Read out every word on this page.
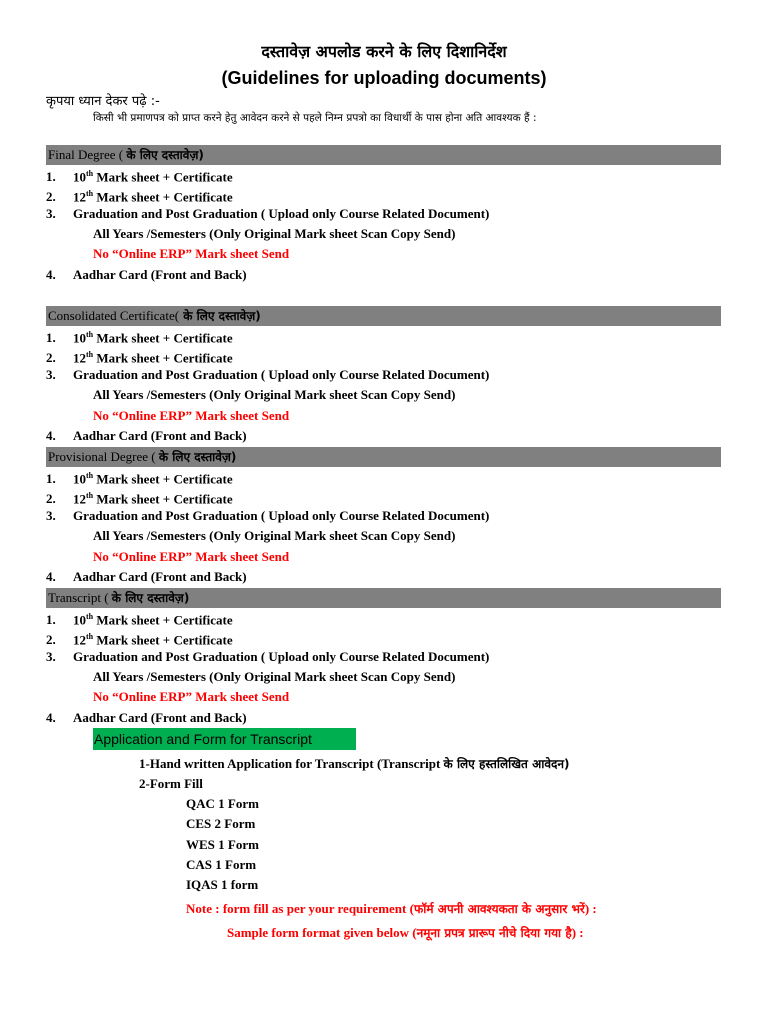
दस्तावेज़ अपलोड करने के लिए दिशानिर्देश
(Guidelines for uploading documents)
कृपया ध्यान देकर पढ़े :-
किसी भी प्रमाणपत्र को प्राप्त करने हेतु आवेदन करने से पहले निम्न प्रपत्रो का विधार्थी के पास होना अति आवश्यक हैं :
Final Degree ( के लिए दस्तावेज़)
1. 10th Mark sheet + Certificate
2. 12th Mark sheet + Certificate
3. Graduation and Post Graduation ( Upload only Course Related Document)
All Years /Semesters (Only Original Mark sheet Scan Copy Send)
No “Online ERP” Mark sheet Send
4. Aadhar Card (Front and Back)
Consolidated Certificate( के लिए दस्तावेज़)
1. 10th Mark sheet + Certificate
2. 12th Mark sheet + Certificate
3. Graduation and Post Graduation ( Upload only Course Related Document)
All Years /Semesters (Only Original Mark sheet Scan Copy Send)
No “Online ERP” Mark sheet Send
4. Aadhar Card (Front and Back)
Provisional Degree ( के लिए दस्तावेज़)
1. 10th Mark sheet + Certificate
2. 12th Mark sheet + Certificate
3. Graduation and Post Graduation ( Upload only Course Related Document)
All Years /Semesters (Only Original Mark sheet Scan Copy Send)
No “Online ERP” Mark sheet Send
4. Aadhar Card (Front and Back)
Transcript ( के लिए दस्तावेज़)
1. 10th Mark sheet + Certificate
2. 12th Mark sheet + Certificate
3. Graduation and Post Graduation ( Upload only Course Related Document)
All Years /Semesters (Only Original Mark sheet Scan Copy Send)
No “Online ERP” Mark sheet Send
4. Aadhar Card (Front and Back)
Application and Form for Transcript
1-Hand written Application for Transcript (Transcript के लिए हस्तलिखित आवेदन)
2-Form Fill
QAC 1 Form
CES 2 Form
WES 1 Form
CAS 1 Form
IQAS 1 form
Note : form fill as per your requirement (फॉर्म अपनी आवश्यकता के अनुसार भरें) :
Sample form format given below (नमूना प्रपत्र प्रारूप नीचे दिया गया है) :
